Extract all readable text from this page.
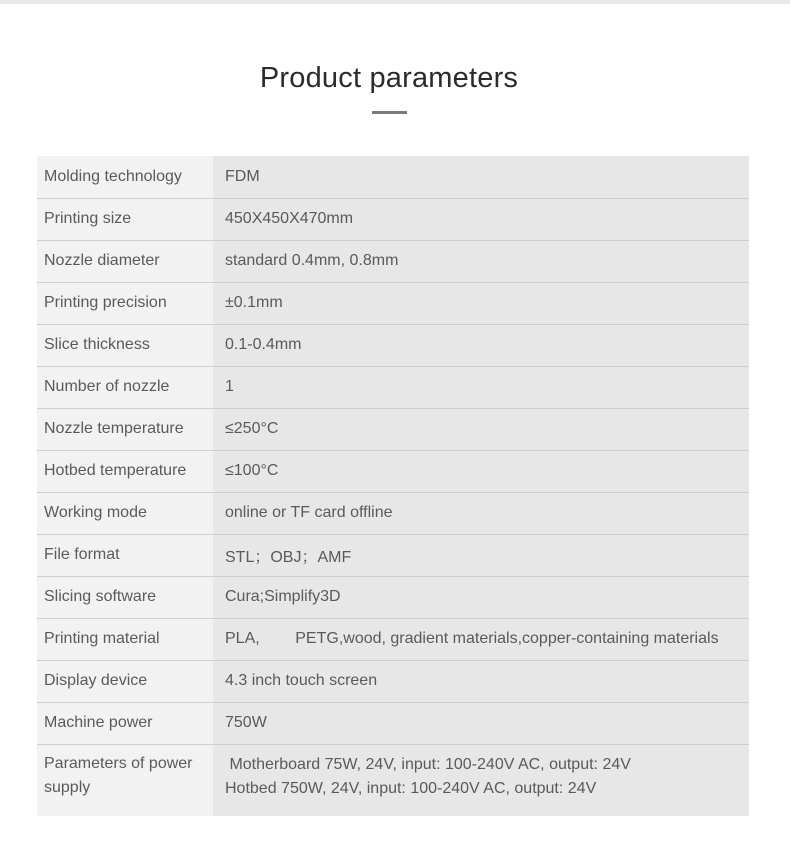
Product parameters
Molding technology	FDM
Printing size	450X450X470mm
Nozzle diameter	standard 0.4mm, 0.8mm
Printing precision	±0.1mm
Slice thickness	0.1-0.4mm
Number of nozzle	1
Nozzle temperature	≤250°C
Hotbed temperature	≤100°C
Working mode	online or TF card offline
File format	STL；OBJ；AMF
Slicing software	Cura;Simplify3D
Printing material	PLA,        PETG,wood, gradient materials,copper-containing materials
Display device	4.3 inch touch screen
Machine power	750W
Parameters of power supply	Motherboard 75W, 24V, input: 100-240V AC, output: 24V
Hotbed 750W, 24V, input: 100-240V AC, output: 24V
